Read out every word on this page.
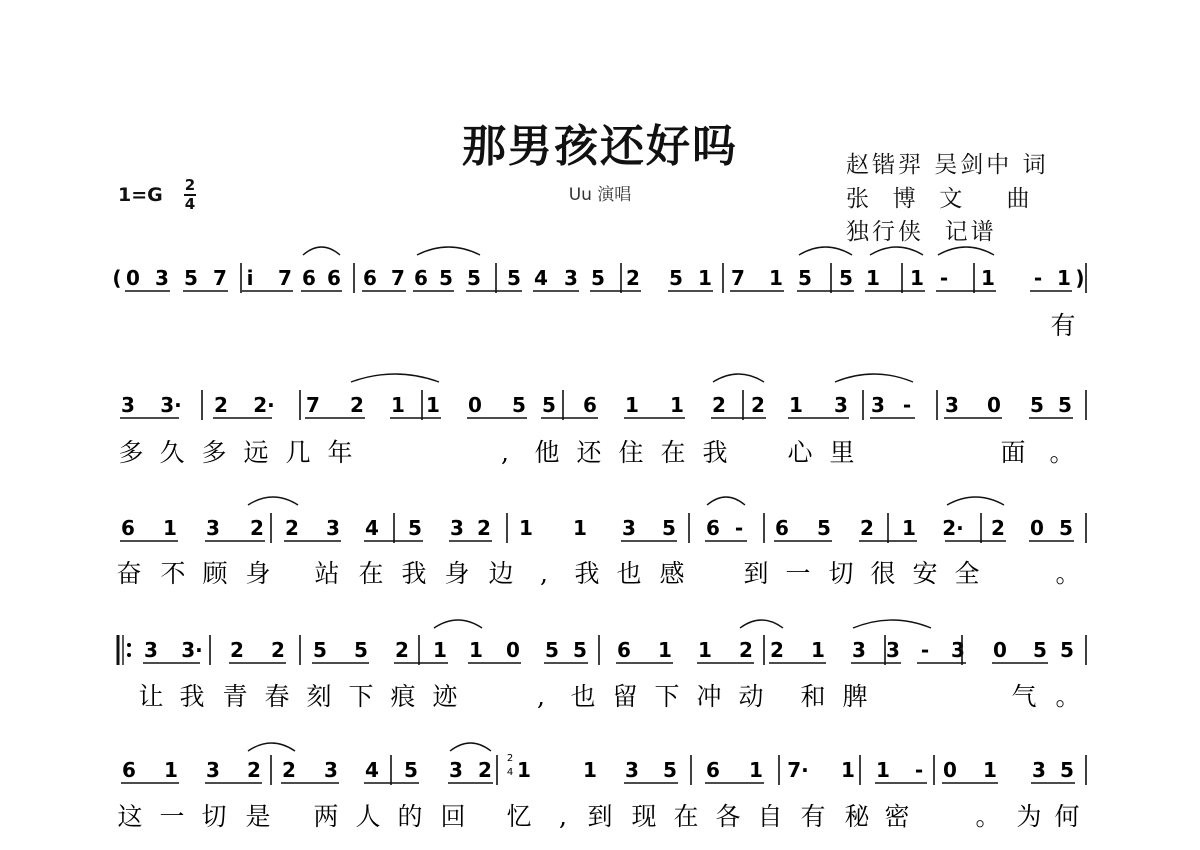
那男孩还好吗
Uu 演唱
赵锴羿 吴剑中 词
张  博  文    曲
独行侠  记谱
1=G 2
4
( 0 3 5 7 i 7 6 6 6 7 6 5 5 5 4 3 5 2 5 1 7 1 5 5 1 1 - 1 - 1 )
有
3 3· 2 2· 7 2 1 1 0 5 5 6 1 1 2 2 1 3 3 - 3 0 5 5
多 久 多 远 几 年	, 他 还 住 在 我 心 里	面 。
6 1 3 2 2 3 4 5 3 2 1 1 3 5 6 - 6 5 2 1 2· 2 0 5
奋 不 顾 身 站 在 我 身 边 , 我 也 感 到 一 切 很 安 全	。
3 3· 2 2 5 5 2 1 1 0 5 5 6 1 1 2 2 1 3 3 - 3 0 5 5
让 我 青 春 刻 下 痕 迹	, 也 留 下 冲 动 和 脾	气 。
6 1 3 2 2 3 4 5 3 2 2
4 1	1 3 5 6 1 7· 1 1 - 0 1 3 5
这 一 切 是 两 人 的 回 忆 , 到 现 在 各 自 有 秘 密	。 为 何
